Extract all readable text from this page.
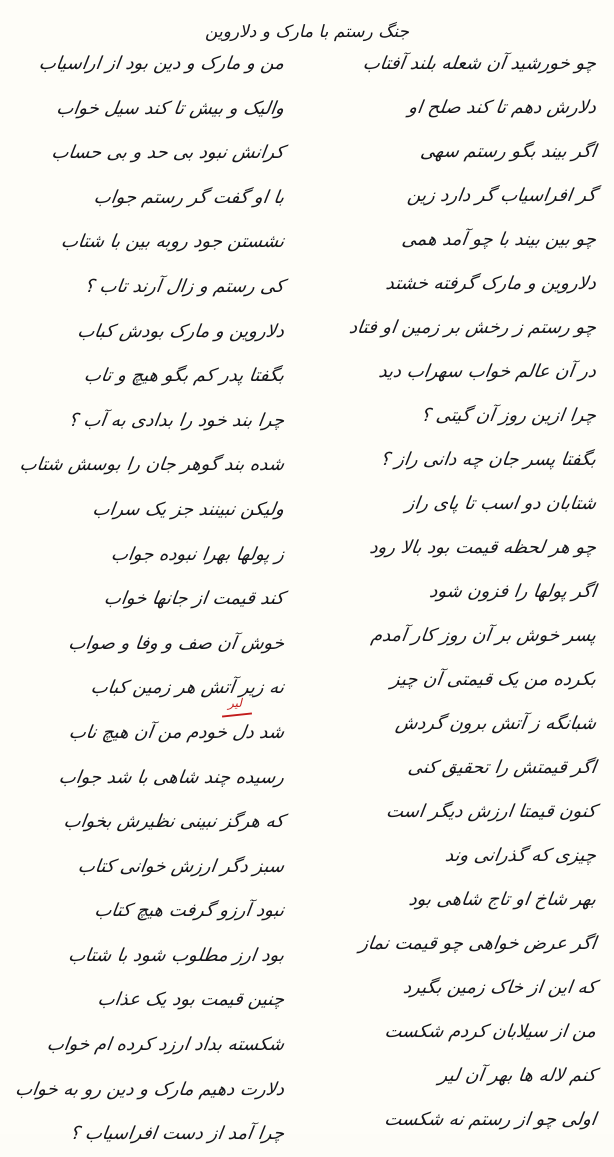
جنگ رستم با مارک و دلاروین
چو خورشید آن شعله بلند آفتاب
دلارش دهم تا کند صلح او
اگر بیند بگو رستم سهی
گر افراسیاب گر دارد زین
چو بین بیند با چو آمد همی
دلاروین و مارک گرفته خشتد
چو رستم ز رخش بر زمین او فتاد
در آن عالم خواب سهراب دید
چرا ازین روز آن گیتی ؟
بگفتا پسر جان چه دانی راز ؟
شتابان دو اسب تا پای راز
چو هر لحظه قیمت بود بالا رود
اگر پولها را فزون شود
پسر خوش بر آن روز کار آمدم
بکرده من یک قیمتی آن چیز
شبانگه ز آتش برون گردش
اگر قیمتش را تحقیق کنی
کنون قیمتا ارزش دیگر است
چیزی که گذرانی وند
بهر شاخ او تاج شاهی بود
اگر عرض خواهی چو قیمت نماز
که این از خاک زمین بگیرد
من از سیلابان کردم شکست
کنم لاله ها بهر آن لیر
اولی چو از رستم نه شکست
من و مارک و دین بود از اراسیاب
والیک و بیش تا کند سیل خواب
کرانش نبود بی حد و بی حساب
با او گفت گر رستم جواب
نشستن جود روبه بین با شتاب
کی رستم و زال آرند تاب ؟
دلاروین و مارک بودش کباب
بگفتا پدر کم بگو هیچ و تاب
چرا بند خود را بدادی به آب ؟
شده بند گوهر جان را بوسش شتاب
ولیکن نبینند جز یک سراب
ز پولها بهرا نبوده جواب
کند قیمت از جانها خواب
خوش آن صف و وفا و صواب
نه زیر آتش هر زمین کباب
شد دل خودم من آن هیچ ناب
رسیده چند شاهی با شد جواب
که هرگز نبینی نظیرش بخواب
سبز دگر ارزش خوانی کتاب
نبود آرزو گرفت هیچ کتاب
بود ارز مطلوب شود با شتاب
چنین قیمت بود یک عذاب
شکسته بداد ارزد کرده ام خواب
دلارت دهیم مارک و دین رو به خواب
چرا آمد از دست افراسیاب ؟
لیر
